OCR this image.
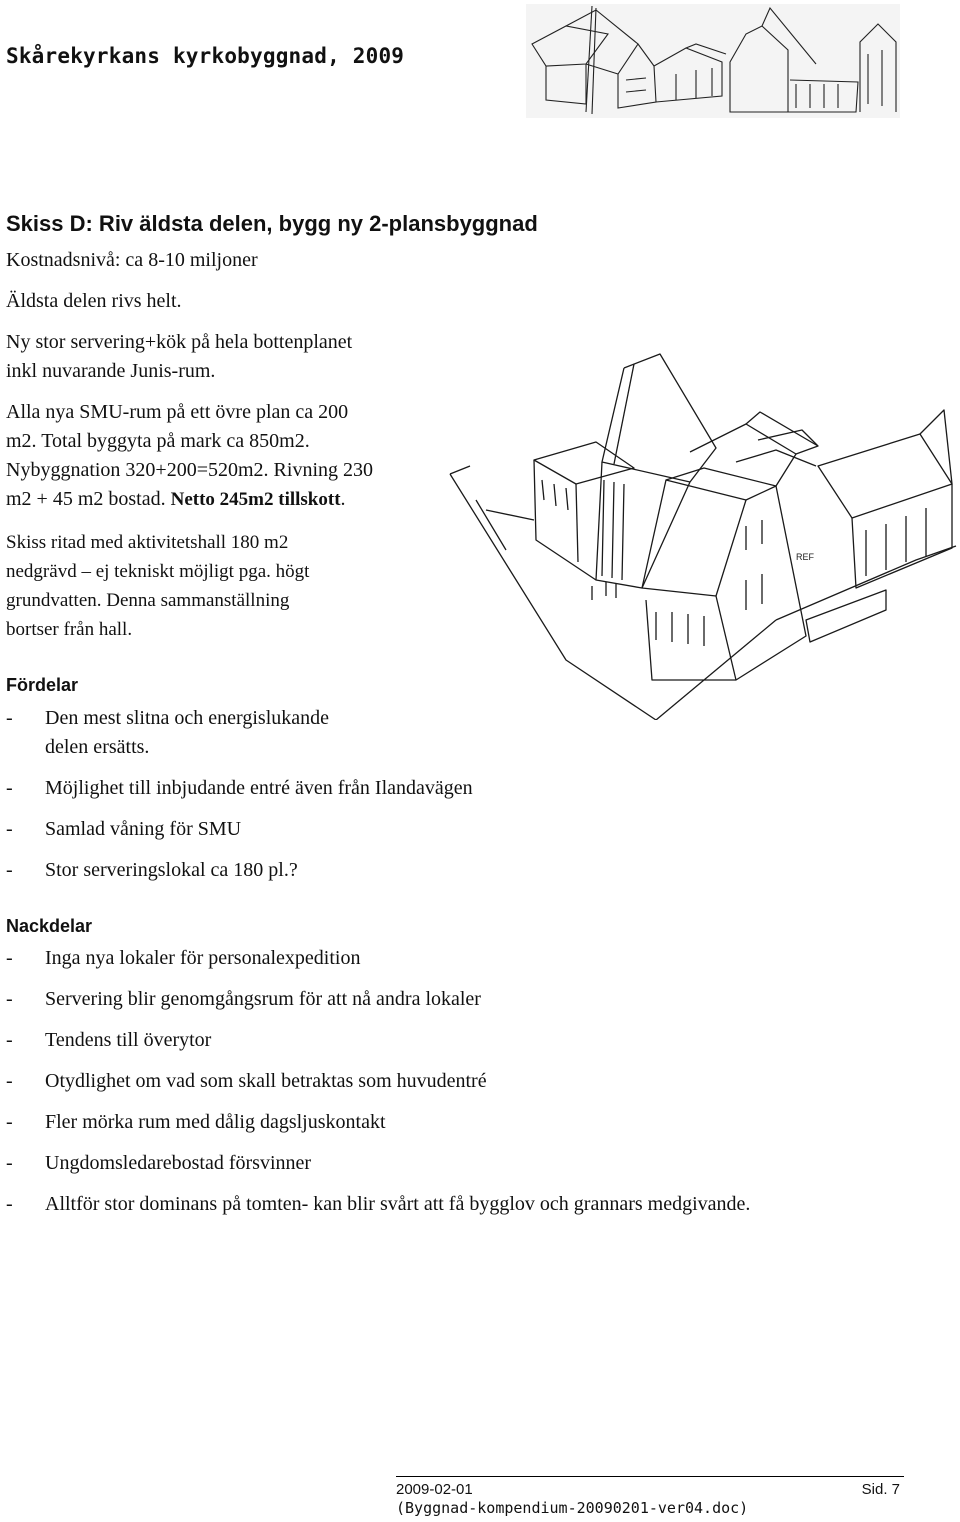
Skårekyrkans kyrkobyggnad, 2009
Skiss D: Riv äldsta delen, bygg ny 2-plansbyggnad
Kostnadsnivå: ca 8-10 miljoner
Äldsta delen rivs helt.
Ny stor servering+kök på hela bottenplanet
inkl nuvarande Junis-rum.
Alla nya SMU-rum på ett övre plan ca 200
m2. Total byggyta på mark ca 850m2.
Nybyggnation 320+200=520m2. Rivning 230
m2 + 45 m2 bostad. Netto 245m2 tillskott.
Skiss ritad med aktivitetshall 180 m2
nedgrävd – ej tekniskt möjligt pga. högt
grundvatten. Denna sammanställning
bortser från hall.
REF
Fördelar
- Den mest slitna och energislukande
delen ersätts.
- Möjlighet till inbjudande entré även från Ilandavägen
- Samlad våning för SMU
- Stor serveringslokal ca 180 pl.?
Nackdelar
- Inga nya lokaler för personalexpedition
- Servering blir genomgångsrum för att nå andra lokaler
- Tendens till överytor
- Otydlighet om vad som skall betraktas som huvudentré
- Fler mörka rum med dålig dagsljuskontakt
- Ungdomsledarebostad försvinner
- Alltför stor dominans på tomten- kan blir svårt att få bygglov och grannars medgivande.
2009-02-01	Sid. 7
(Byggnad-kompendium-20090201-ver04.doc)
